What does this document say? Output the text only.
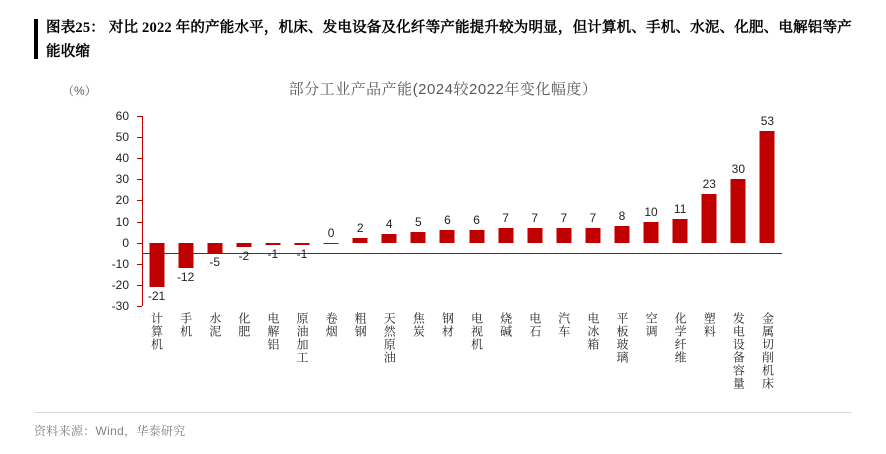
图表25： 对比 2022 年的产能水平，机床、发电设备及化纤等产能提升较为明显，但计算机、手机、水泥、化肥、电解铝等产能收缩
（%）	部分工业产品产能(2024较2022年变化幅度）
60
50
40
30
20
10
0
-10
-20
-30
-21
计算机
-12
手机
-5
水泥
-2
化肥
-1
电解铝
-1
原油加工
0
卷烟
2
粗钢
4
天然原油
5
焦炭
6
钢材
6
电视机
7
烧碱
7
电石
7
汽车
7
电冰箱
8
平板玻璃
10
空调
11
化学纤维
23
塑料
30
发电设备容量
53
金属切削机床
资料来源：Wind，华泰研究
